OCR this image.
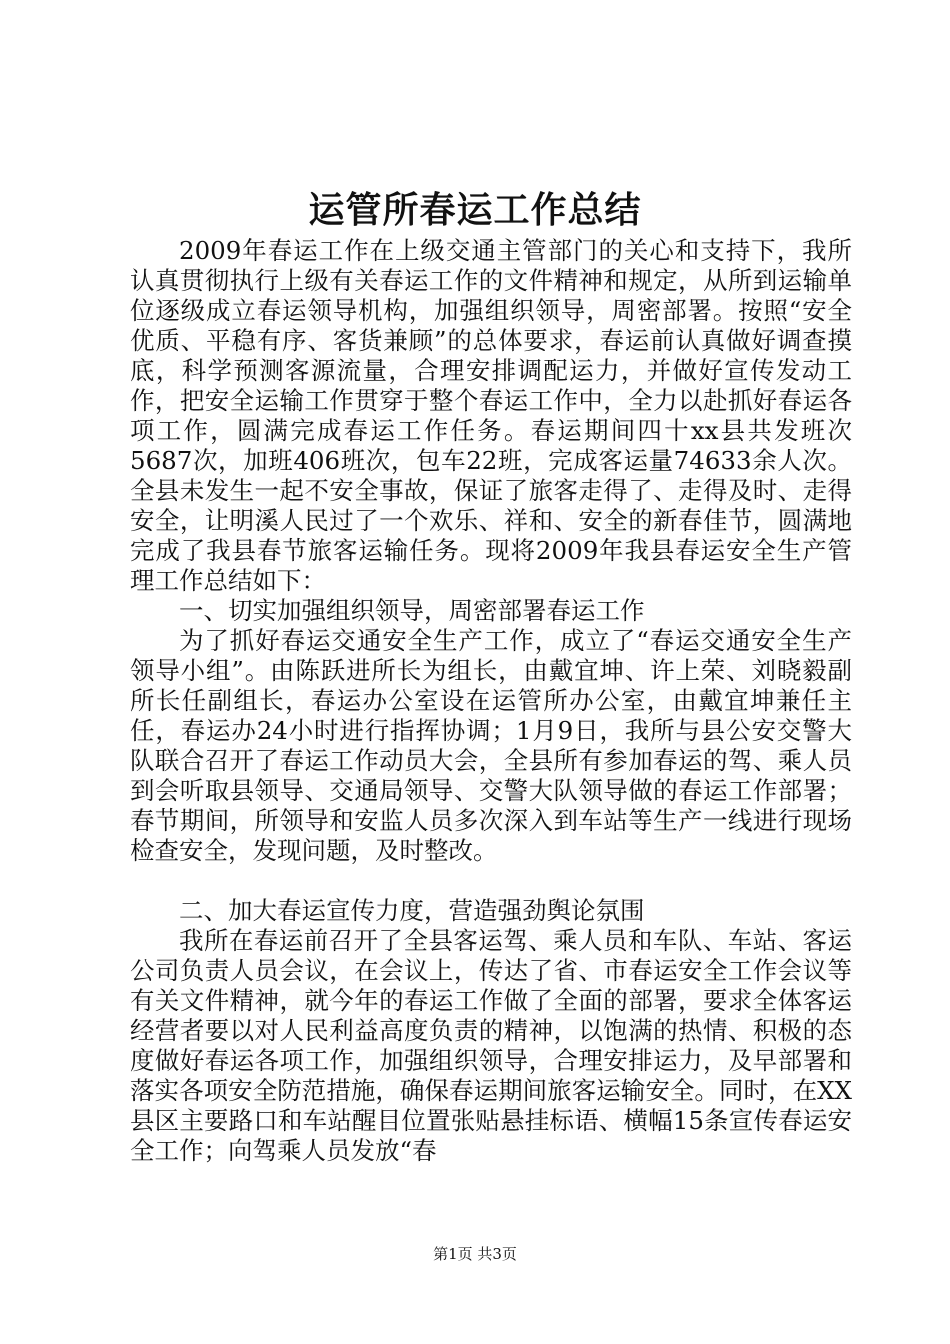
运管所春运工作总结

2009年春运工作在上级交通主管部门的关心和支持下，我所认真贯彻执行上级有关春运工作的文件精神和规定，从所到运输单位逐级成立春运领导机构，加强组织领导，周密部署。按照“安全优质、平稳有序、客货兼顾”的总体要求，春运前认真做好调查摸底，科学预测客源流量，合理安排调配运力，并做好宣传发动工作，把安全运输工作贯穿于整个春运工作中，全力以赴抓好春运各项工作，圆满完成春运工作任务。春运期间四十xx县共发班次5687次，加班406班次，包车22班，完成客运量74633余人次。全县未发生一起不安全事故，保证了旅客走得了、走得及时、走得安全，让明溪人民过了一个欢乐、祥和、安全的新春佳节，圆满地完成了我县春节旅客运输任务。现将2009年我县春运安全生产管理工作总结如下：

一、切实加强组织领导，周密部署春运工作

为了抓好春运交通安全生产工作，成立了“春运交通安全生产领导小组”。由陈跃进所长为组长，由戴宜坤、许上荣、刘晓毅副所长任副组长，春运办公室设在运管所办公室，由戴宜坤兼任主任，春运办24小时进行指挥协调；1月9日，我所与县公安交警大队联合召开了春运工作动员大会，全县所有参加春运的驾、乘人员到会听取县领导、交通局领导、交警大队领导做的春运工作部署；春节期间，所领导和安监人员多次深入到车站等生产一线进行现场检查安全，发现问题，及时整改。

二、加大春运宣传力度，营造强劲舆论氛围

我所在春运前召开了全县客运驾、乘人员和车队、车站、客运公司负责人员会议，在会议上，传达了省、市春运安全工作会议等有关文件精神，就今年的春运工作做了全面的部署，要求全体客运经营者要以对人民利益高度负责的精神，以饱满的热情、积极的态度做好春运各项工作，加强组织领导，合理安排运力，及早部署和落实各项安全防范措施，确保春运期间旅客运输安全。同时，在XX县区主要路口和车站醒目位置张贴悬挂标语、横幅15条宣传春运安全工作；向驾乘人员发放“春

第1页 共3页
